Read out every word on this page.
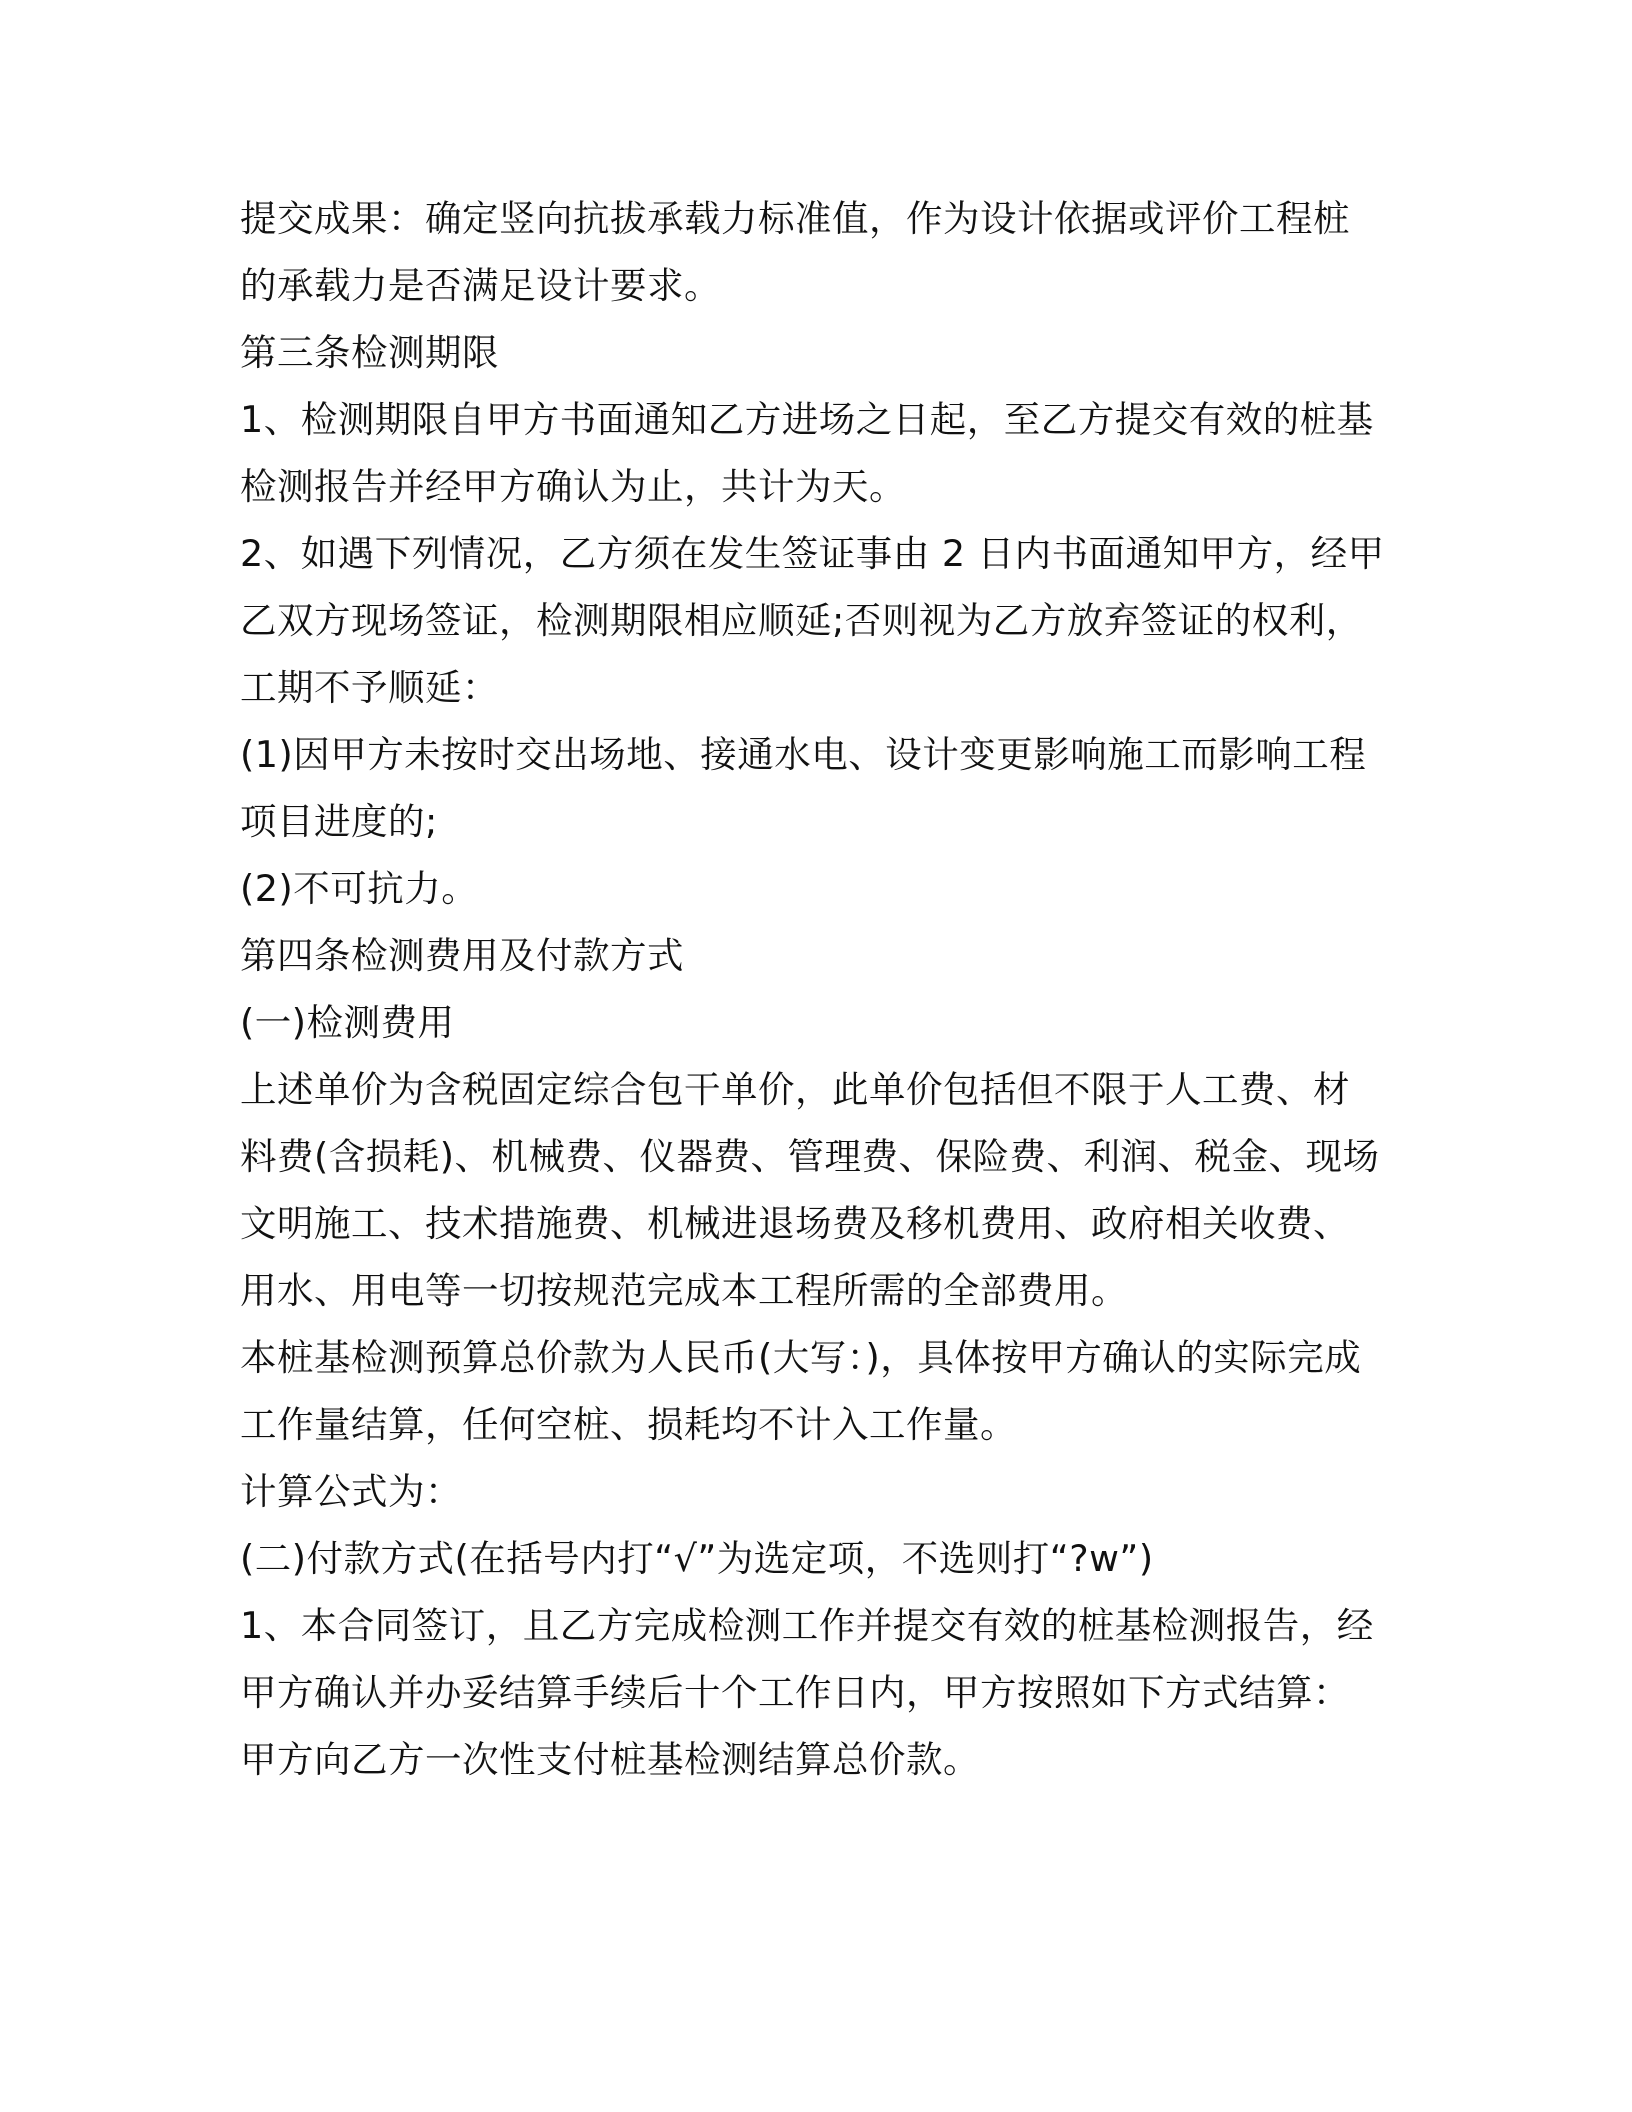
提交成果：确定竖向抗拔承载力标准值，作为设计依据或评价工程桩
的承载力是否满足设计要求。
第三条检测期限
1、检测期限自甲方书面通知乙方进场之日起，至乙方提交有效的桩基
检测报告并经甲方确认为止，共计为天。
2、如遇下列情况，乙方须在发生签证事由 2 日内书面通知甲方，经甲
乙双方现场签证，检测期限相应顺延;否则视为乙方放弃签证的权利，
工期不予顺延：
(1)因甲方未按时交出场地、接通水电、设计变更影响施工而影响工程
项目进度的;
(2)不可抗力。
第四条检测费用及付款方式
(一)检测费用
上述单价为含税固定综合包干单价，此单价包括但不限于人工费、材
料费(含损耗)、机械费、仪器费、管理费、保险费、利润、税金、现场
文明施工、技术措施费、机械进退场费及移机费用、政府相关收费、
用水、用电等一切按规范完成本工程所需的全部费用。
本桩基检测预算总价款为人民币(大写：)，具体按甲方确认的实际完成
工作量结算，任何空桩、损耗均不计入工作量。
计算公式为：
(二)付款方式(在括号内打“√”为选定项，不选则打“?w”)
1、本合同签订，且乙方完成检测工作并提交有效的桩基检测报告，经
甲方确认并办妥结算手续后十个工作日内，甲方按照如下方式结算：
甲方向乙方一次性支付桩基检测结算总价款。
